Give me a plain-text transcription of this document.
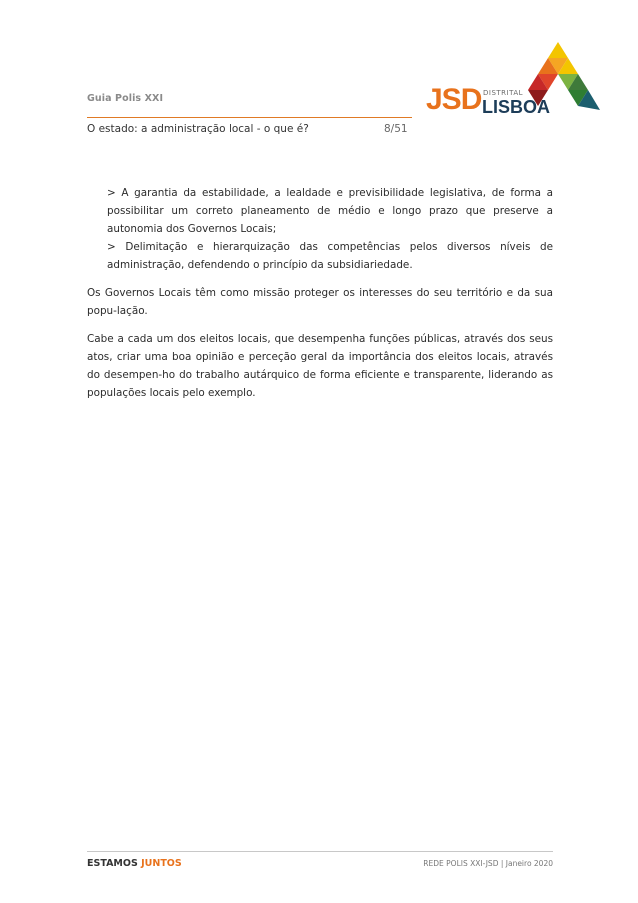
Guia Polis XXI
O estado: a administração local - o que é?	8/51
JSD DISTRITAL
LISBOA
> A garantia da estabilidade, a lealdade e previsibilidade legislativa, de forma a possibilitar um correto planeamento de médio e longo prazo que preserve a autonomia dos Governos Locais;
> Delimitação e hierarquização das competências pelos diversos níveis de administração, defendendo o princípio da subsidiariedade.

Os Governos Locais têm como missão proteger os interesses do seu território e da sua popu-lação.

Cabe a cada um dos eleitos locais, que desempenha funções públicas, através dos seus atos, criar uma boa opinião e perceção geral da importância dos eleitos locais, através do desempen-ho do trabalho autárquico de forma eficiente e transparente, liderando as populações locais pelo exemplo.

ESTAMOS JUNTOS	REDE POLIS XXI-JSD | Janeiro 2020
